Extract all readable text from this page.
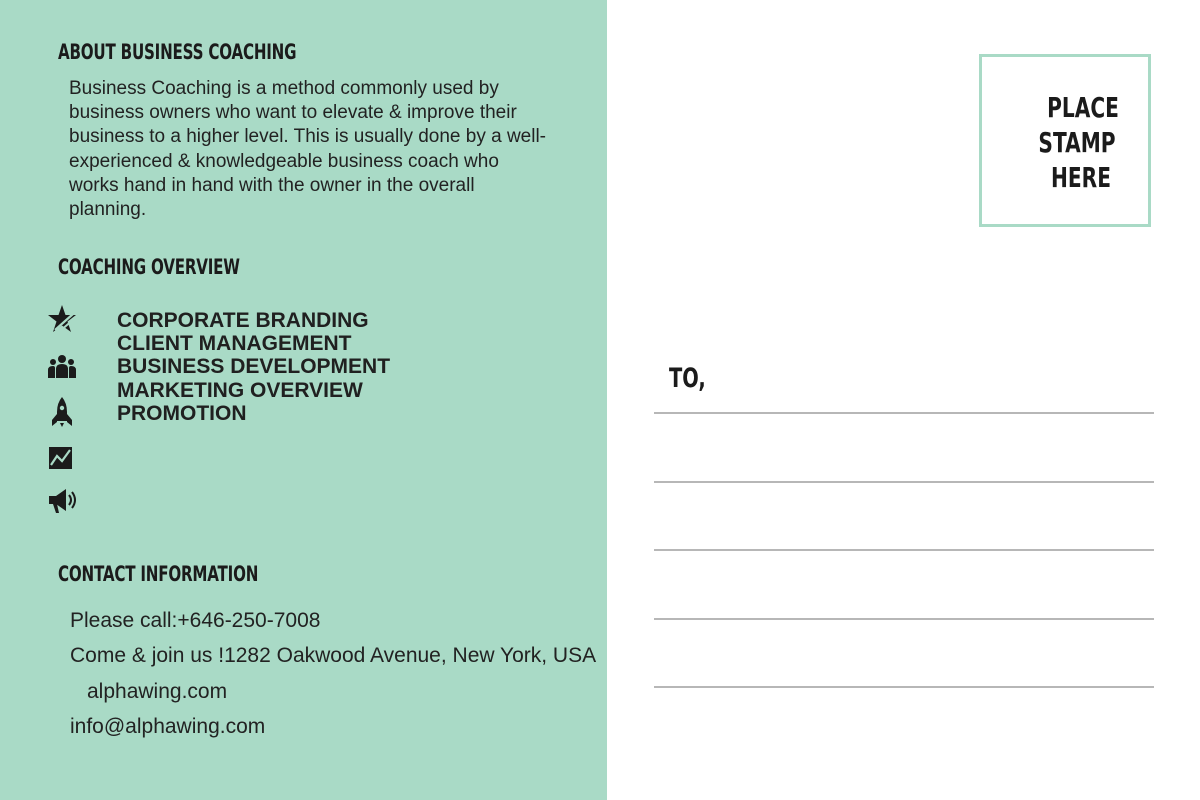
ABOUT BUSINESS COACHING
Business Coaching is a method commonly used by business owners who want to elevate & improve their business to a higher level. This is usually done by a well-experienced & knowledgeable business coach who works hand in hand with the owner in the overall planning.
COACHING OVERVIEW
CORPORATE BRANDING
CLIENT MANAGEMENT
BUSINESS DEVELOPMENT
MARKETING OVERVIEW
PROMOTION
CONTACT INFORMATION
Please call:+646-250-7008
Come & join us !1282 Oakwood Avenue, New York, USA
alphawing.com
info@alphawing.com
PLACE
STAMP
HERE
TO,
